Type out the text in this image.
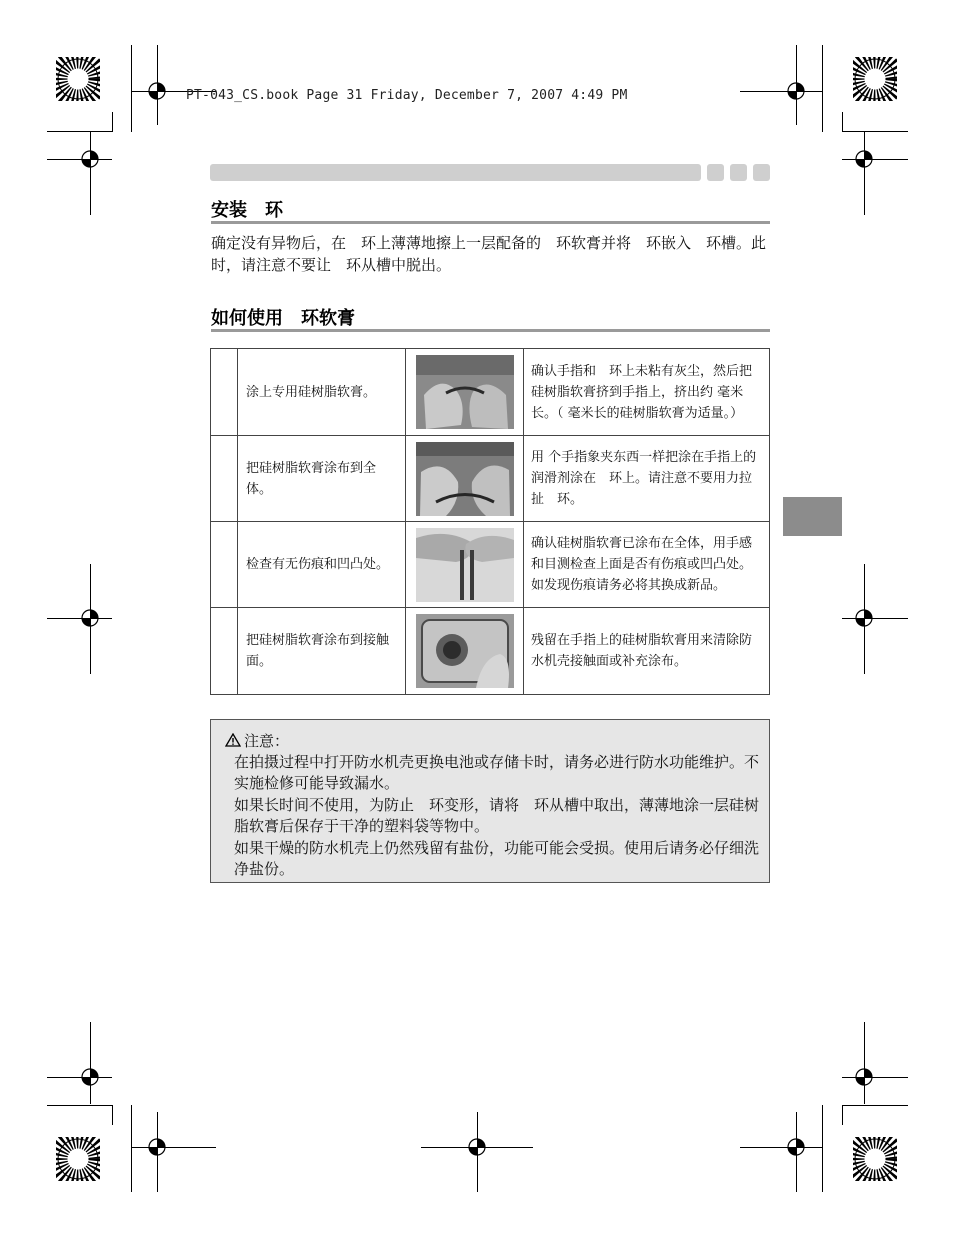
PT-043_CS.book Page 31 Friday, December 7, 2007 4:49 PM
安装　环
确定没有异物后，在　环上薄薄地擦上一层配备的　环软膏并将　环嵌入　环槽。此时，请注意不要让　环从槽中脱出。
如何使用　环软膏
	涂上专用硅树脂软膏。		确认手指和　环上未粘有灰尘，然后把硅树脂软膏挤到手指上，挤出约 毫米长。（ 毫米长的硅树脂软膏为适量。）
	把硅树脂软膏涂布到全体。		用 个手指象夹东西一样把涂在手指上的润滑剂涂在　环上。请注意不要用力拉扯　环。
	检查有无伤痕和凹凸处。		确认硅树脂软膏已涂布在全体，用手感和目测检查上面是否有伤痕或凹凸处。如发现伤痕请务必将其换成新品。
	把硅树脂软膏涂布到接触面。		残留在手指上的硅树脂软膏用来清除防水机壳接触面或补充涂布。
注意：

在拍摄过程中打开防水机壳更换电池或存储卡时，请务必进行防水功能维护。不实施检修可能导致漏水。

如果长时间不使用，为防止　环变形，请将　环从槽中取出，薄薄地涂一层硅树脂软膏后保存于干净的塑料袋等物中。

如果干燥的防水机壳上仍然残留有盐份，功能可能会受损。使用后请务必仔细洗净盐份。
